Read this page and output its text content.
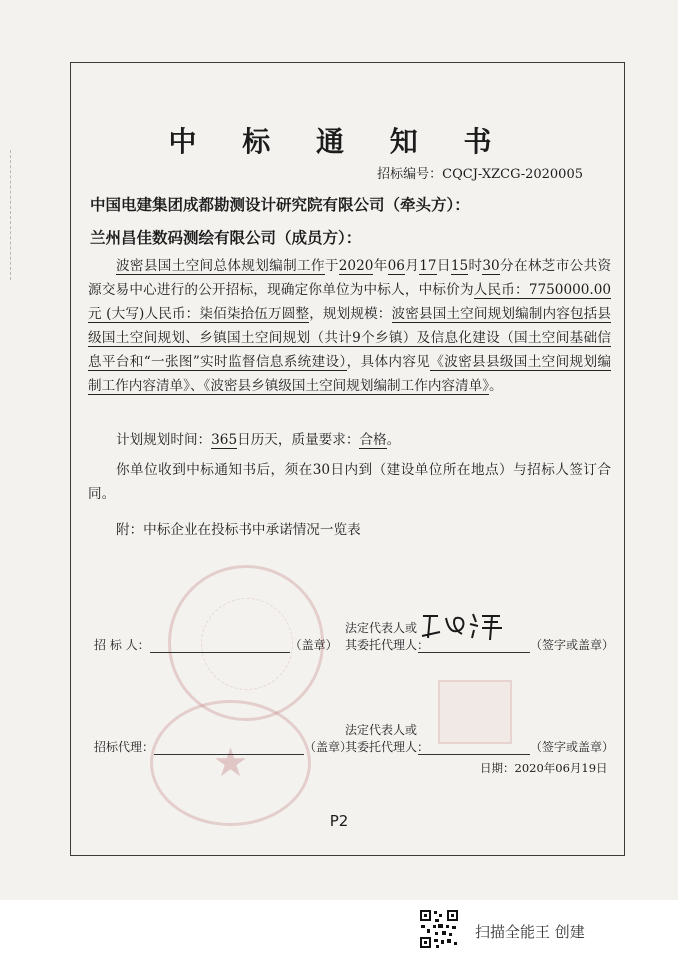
中 标 通 知 书
招标编号：CQCJ-XZCG-2020005
中国电建集团成都勘测设计研究院有限公司（牵头方）：
兰州昌佳数码测绘有限公司（成员方）：
波密县国土空间总体规划编制工作于2020年06月17日15时30分在林芝市公共资源交易中心进行的公开招标，现确定你单位为中标人，中标价为人民币：7750000.00 元 (大写)人民币：柒佰柒拾伍万圆整，规划规模：波密县国土空间规划编制内容包括县级国土空间规划、乡镇国土空间规划（共计9个乡镇）及信息化建设（国土空间基础信息平台和“一张图”实时监督信息系统建设），具体内容见《波密县县级国土空间规划编制工作内容清单》、《波密县乡镇级国土空间规划编制工作内容清单》。
计划规划时间：365日历天，质量要求：合格。
你单位收到中标通知书后，须在30日内到（建设单位所在地点）与招标人签订合同。
附：中标企业在投标书中承诺情况一览表
★
法定代表人或
其委托代理人：
招 标 人：	（盖章）	（签字或盖章）
法定代表人或
其委托代理人：
招标代理：	（盖章）	（签字或盖章）
日期：2020年06月19日
P2
扫描全能王 创建
